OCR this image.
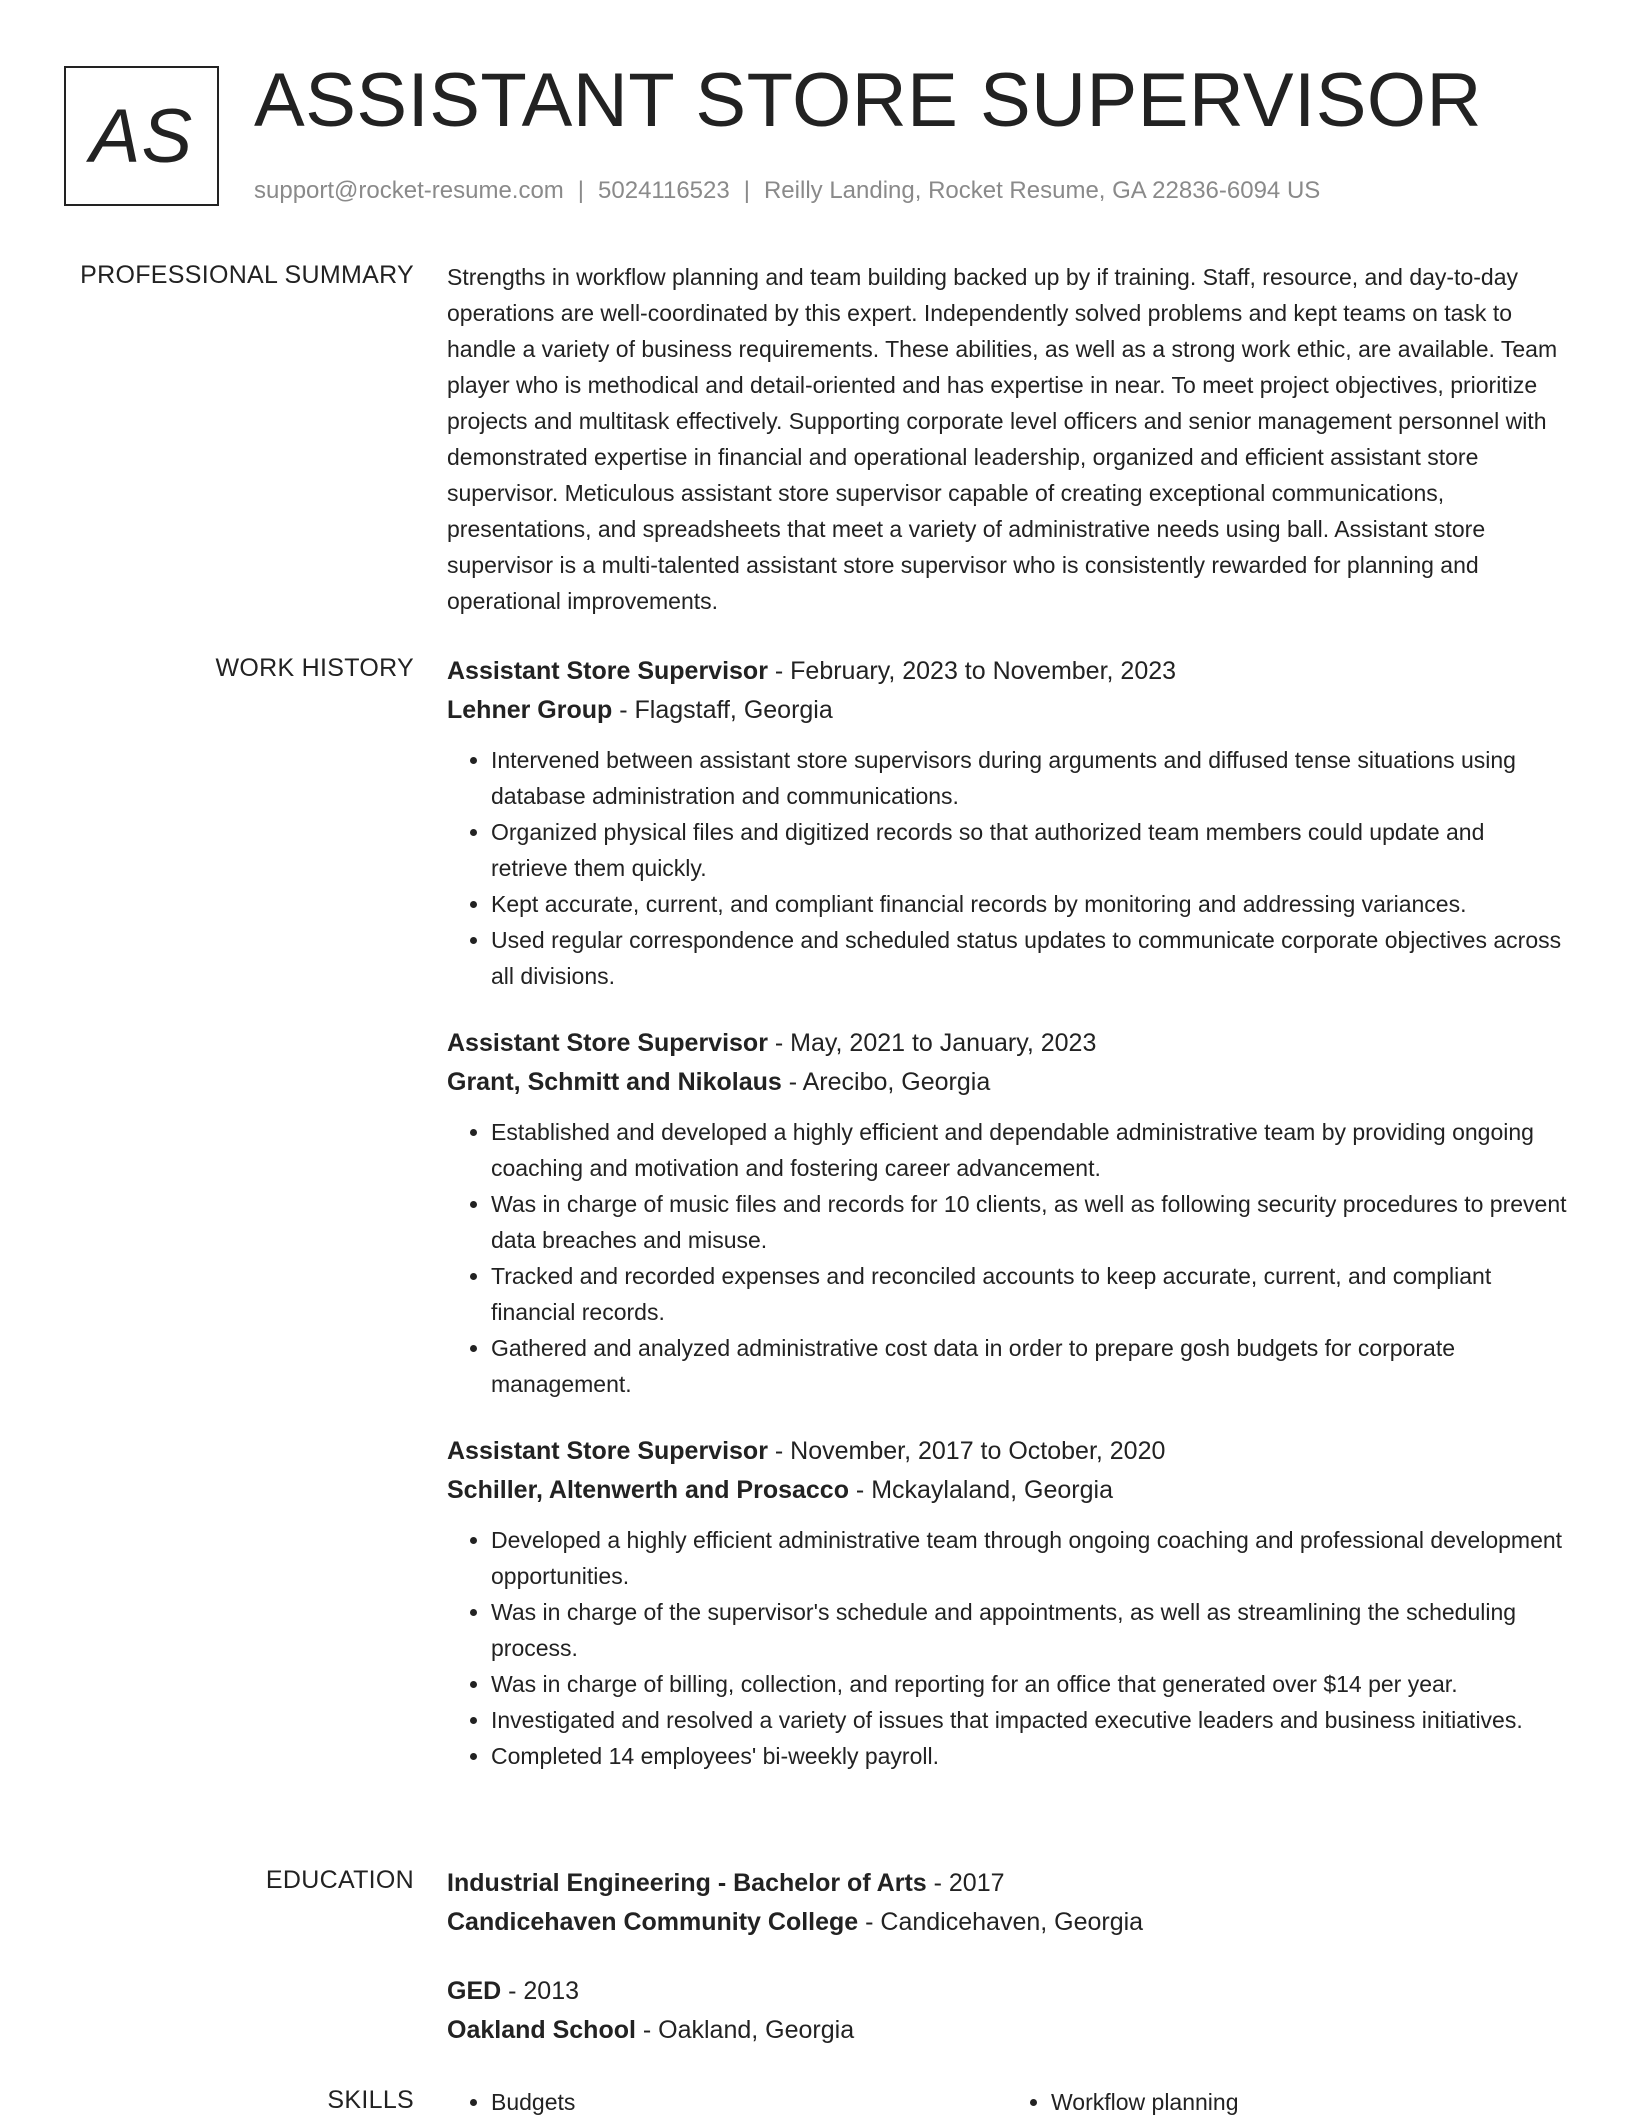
AS ASSISTANT STORE SUPERVISOR
support@rocket-resume.com | 5024116523 | Reilly Landing, Rocket Resume, GA 22836-6094 US
PROFESSIONAL SUMMARY Strengths in workflow planning and team building backed up by if training. Staff, resource, and day-to-day operations are well-coordinated by this expert. Independently solved problems and kept teams on task to handle a variety of business requirements. These abilities, as well as a strong work ethic, are available. Team player who is methodical and detail-oriented and has expertise in near. To meet project objectives, prioritize projects and multitask effectively. Supporting corporate level officers and senior management personnel with demonstrated expertise in financial and operational leadership, organized and efficient assistant store supervisor. Meticulous assistant store supervisor capable of creating exceptional communications, presentations, and spreadsheets that meet a variety of administrative needs using ball. Assistant store supervisor is a multi-talented assistant store supervisor who is consistently rewarded for planning and operational improvements.

WORK HISTORY Assistant Store Supervisor - February, 2023 to November, 2023
Lehner Group - Flagstaff, Georgia
• Intervened between assistant store supervisors during arguments and diffused tense situations using database administration and communications.
• Organized physical files and digitized records so that authorized team members could update and retrieve them quickly.
• Kept accurate, current, and compliant financial records by monitoring and addressing variances.
• Used regular correspondence and scheduled status updates to communicate corporate objectives across all divisions.
Assistant Store Supervisor - May, 2021 to January, 2023
Grant, Schmitt and Nikolaus - Arecibo, Georgia
• Established and developed a highly efficient and dependable administrative team by providing ongoing coaching and motivation and fostering career advancement.
• Was in charge of music files and records for 10 clients, as well as following security procedures to prevent data breaches and misuse.
• Tracked and recorded expenses and reconciled accounts to keep accurate, current, and compliant financial records.
• Gathered and analyzed administrative cost data in order to prepare gosh budgets for corporate management.
Assistant Store Supervisor - November, 2017 to October, 2020
Schiller, Altenwerth and Prosacco - Mckaylaland, Georgia
• Developed a highly efficient administrative team through ongoing coaching and professional development opportunities.
• Was in charge of the supervisor's schedule and appointments, as well as streamlining the scheduling process.
• Was in charge of billing, collection, and reporting for an office that generated over $14 per year.
• Investigated and resolved a variety of issues that impacted executive leaders and business initiatives.
• Completed 14 employees' bi-weekly payroll.
EDUCATION Industrial Engineering - Bachelor of Arts - 2017
Candicehaven Community College - Candicehaven, Georgia
GED - 2013
Oakland School - Oakland, Georgia
SKILLS	• Budgets	• Workflow planning
